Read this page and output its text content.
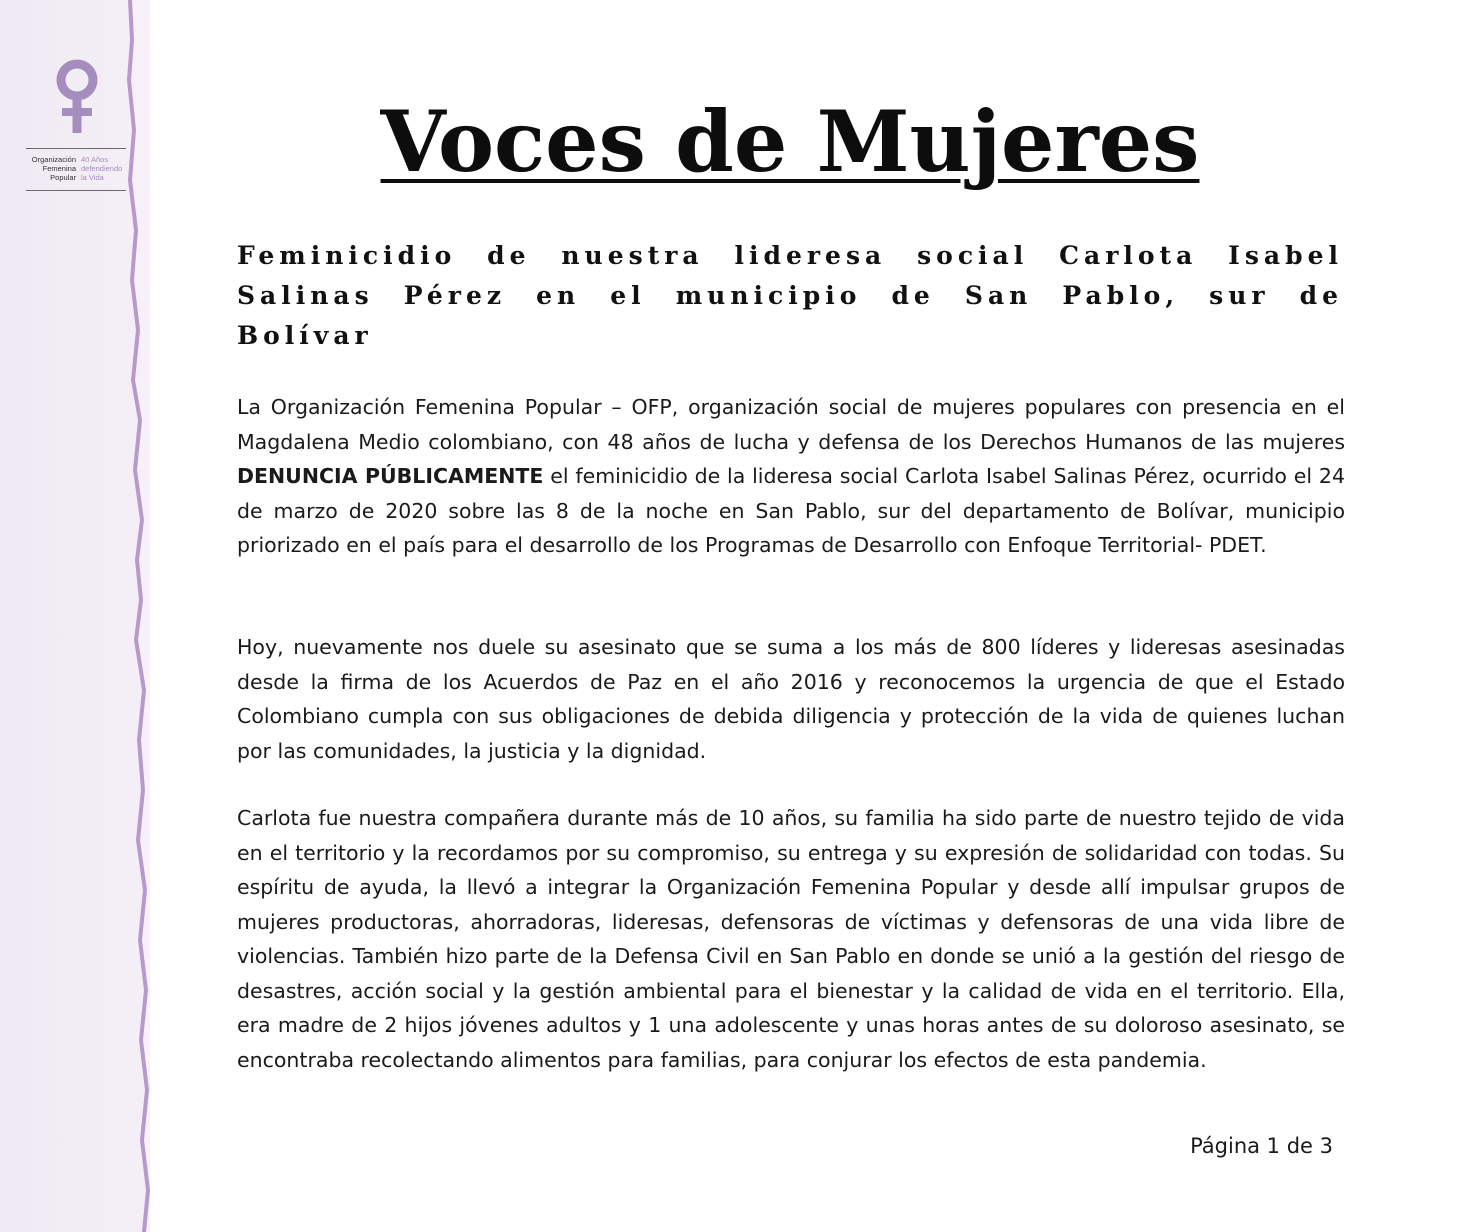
Organización
Femenina
Popular
40 Años
defendiendo
la Vida	Voces de Mujeres
Feminicidio de nuestra lideresa social Carlota Isabel Salinas Pérez en el municipio de San Pablo, sur de Bolívar

La Organización Femenina Popular – OFP, organización social de mujeres populares con presencia en el Magdalena Medio colombiano, con 48 años de lucha y defensa de los Derechos Humanos de las mujeres DENUNCIA PÚBLICAMENTE el feminicidio de la lideresa social Carlota Isabel Salinas Pérez, ocurrido el 24 de marzo de 2020 sobre las 8 de la noche en San Pablo, sur del departamento de Bolívar, municipio priorizado en el país para el desarrollo de los Programas de Desarrollo con Enfoque Territorial- PDET.

Hoy, nuevamente nos duele su asesinato que se suma a los más de 800 líderes y lideresas asesinadas desde la firma de los Acuerdos de Paz en el año 2016 y reconocemos la urgencia de que el Estado Colombiano cumpla con sus obligaciones de debida diligencia y protección de la vida de quienes luchan por las comunidades, la justicia y la dignidad.

Carlota fue nuestra compañera durante más de 10 años, su familia ha sido parte de nuestro tejido de vida en el territorio y la recordamos por su compromiso, su entrega y su expresión de solidaridad con todas. Su espíritu de ayuda, la llevó a integrar la Organización Femenina Popular y desde allí impulsar grupos de mujeres productoras, ahorradoras, lideresas, defensoras de víctimas y defensoras de una vida libre de violencias. También hizo parte de la Defensa Civil en San Pablo en donde se unió a la gestión del riesgo de desastres, acción social y la gestión ambiental para el bienestar y la calidad de vida en el territorio. Ella, era madre de 2 hijos jóvenes adultos y 1 una adolescente y unas horas antes de su doloroso asesinato, se encontraba recolectando alimentos para familias, para conjurar los efectos de esta pandemia.

Página 1 de 3
